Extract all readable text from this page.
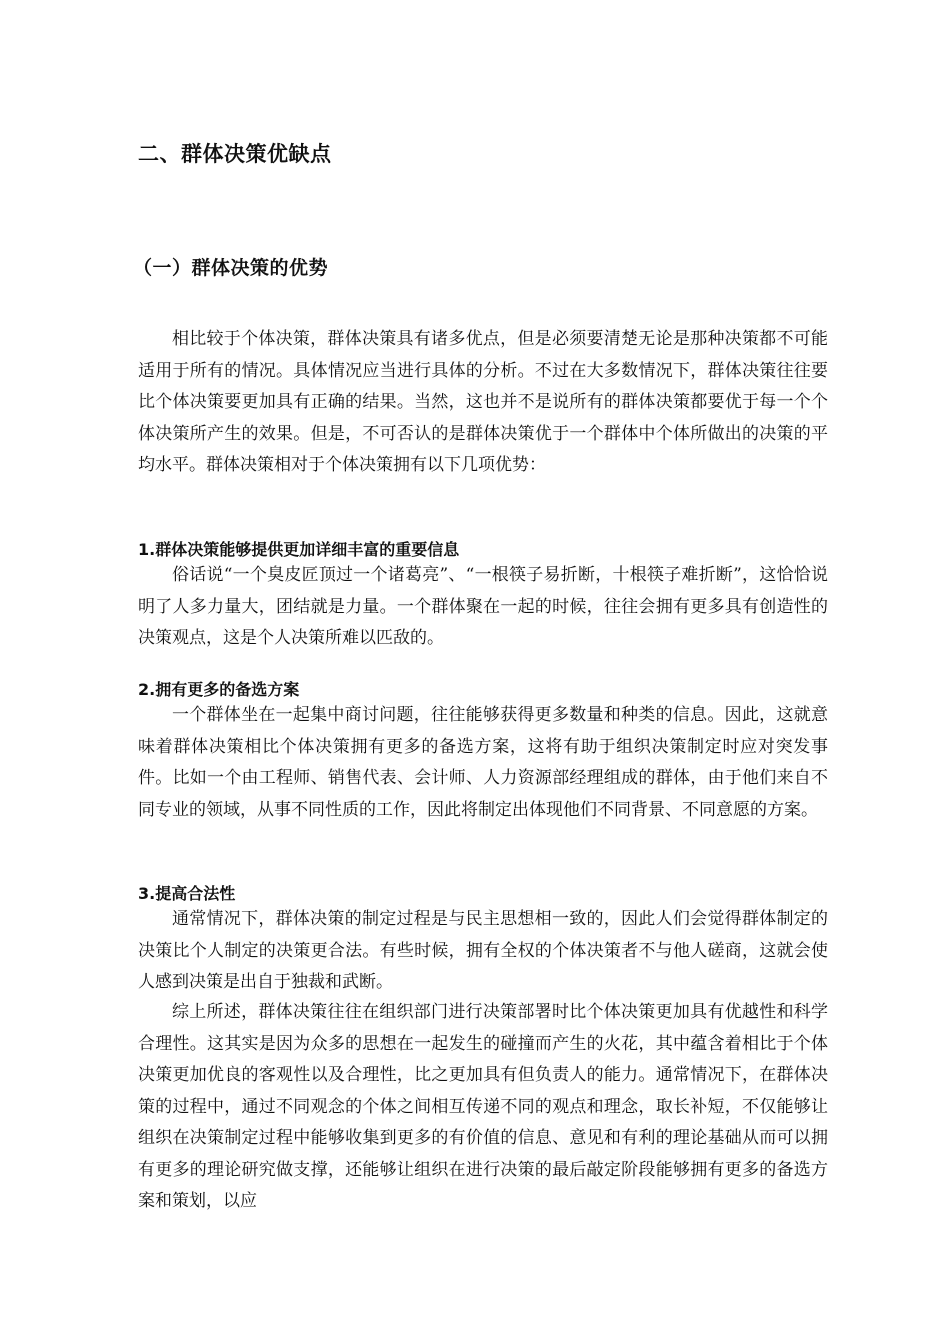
二、群体决策优缺点
（一）群体决策的优势
相比较于个体决策，群体决策具有诸多优点，但是必须要清楚无论是那种决策都不可能适用于所有的情况。具体情况应当进行具体的分析。不过在大多数情况下，群体决策往往要比个体决策要更加具有正确的结果。当然，这也并不是说所有的群体决策都要优于每一个个体决策所产生的效果。但是，不可否认的是群体决策优于一个群体中个体所做出的决策的平均水平。群体决策相对于个体决策拥有以下几项优势：
1.群体决策能够提供更加详细丰富的重要信息
俗话说“一个臭皮匠顶过一个诸葛亮”、“一根筷子易折断，十根筷子难折断”，这恰恰说明了人多力量大，团结就是力量。一个群体聚在一起的时候，往往会拥有更多具有创造性的决策观点，这是个人决策所难以匹敌的。
2.拥有更多的备选方案
一个群体坐在一起集中商讨问题，往往能够获得更多数量和种类的信息。因此，这就意味着群体决策相比个体决策拥有更多的备选方案，这将有助于组织决策制定时应对突发事件。比如一个由工程师、销售代表、会计师、人力资源部经理组成的群体，由于他们来自不同专业的领域，从事不同性质的工作，因此将制定出体现他们不同背景、不同意愿的方案。
3.提高合法性
通常情况下，群体决策的制定过程是与民主思想相一致的，因此人们会觉得群体制定的决策比个人制定的决策更合法。有些时候，拥有全权的个体决策者不与他人磋商，这就会使人感到决策是出自于独裁和武断。
综上所述，群体决策往往在组织部门进行决策部署时比个体决策更加具有优越性和科学合理性。这其实是因为众多的思想在一起发生的碰撞而产生的火花，其中蕴含着相比于个体决策更加优良的客观性以及合理性，比之更加具有但负责人的能力。通常情况下，在群体决策的过程中，通过不同观念的个体之间相互传递不同的观点和理念，取长补短，不仅能够让组织在决策制定过程中能够收集到更多的有价值的信息、意见和有利的理论基础从而可以拥有更多的理论研究做支撑，还能够让组织在进行决策的最后敲定阶段能够拥有更多的备选方案和策划，以应
